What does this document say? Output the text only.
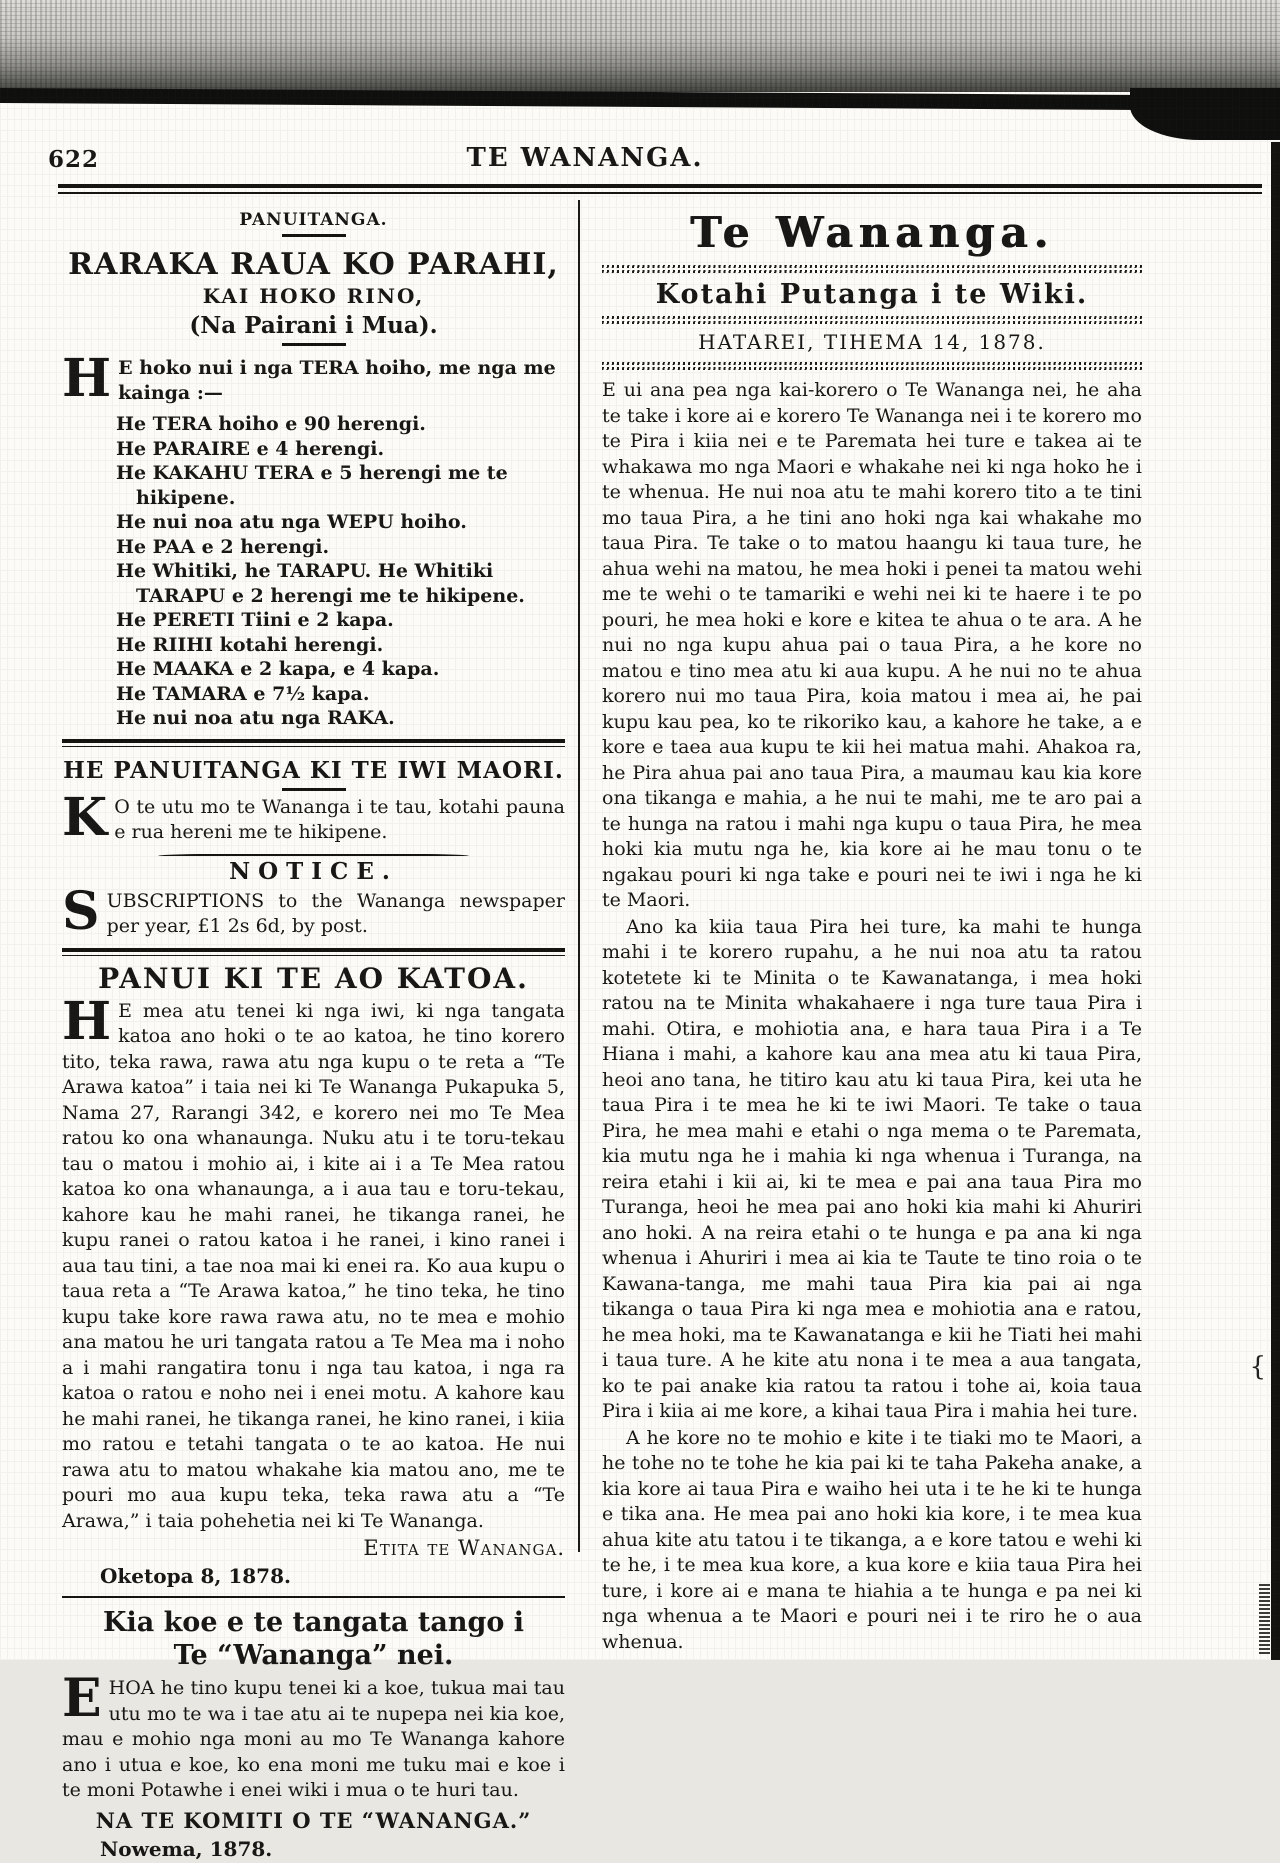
{
622	TE WANANGA.
PANUITANGA.
RARAKA RAUA KO PARAHI,
KAI HOKO RINO,
(Na Pairani i Mua).

H E hoko nui i nga TERA hoiho, me nga me kainga :—

He TERA hoiho e 90 herengi.
He PARAIRE e 4 herengi.
He KAKAHU TERA e 5 herengi me te hikipene.
He nui noa atu nga WEPU hoiho.
He PAA e 2 herengi.
He Whitiki, he TARAPU. He Whitiki TARAPU e 2 herengi me te hikipene.
He PERETI Tiini e 2 kapa.
He RIIHI kotahi herengi.
He MAAKA e 2 kapa, e 4 kapa.
He TAMARA e 7½ kapa.
He nui noa atu nga RAKA.
HE PANUITANGA KI TE IWI MAORI.

K O te utu mo te Wananga i te tau, kotahi pauna e rua hereni me te hikipene.

NOTICE.

SUBSCRIPTIONS to the Wananga newspaper per year, £1 2s 6d, by post.

PANUI KI TE AO KATOA.

H E mea atu tenei ki nga iwi, ki nga tangata katoa ano hoki o te ao katoa, he tino korero tito, teka rawa, rawa atu nga kupu o te reta a “Te Arawa katoa” i taia nei ki Te Wananga Pukapuka 5, Nama 27, Rarangi 342, e korero nei mo Te Mea ratou ko ona whanaunga. Nuku atu i te toru-tekau tau o matou i mohio ai, i kite ai i a Te Mea ratou katoa ko ona whanaunga, a i aua tau e toru-tekau, kahore kau he mahi ranei, he tikanga ranei, he kupu ranei o ratou katoa i he ranei, i kino ranei i aua tau tini, a tae noa mai ki enei ra. Ko aua kupu o taua reta a “Te Arawa katoa,” he tino teka, he tino kupu take kore rawa rawa atu, no te mea e mohio ana matou he uri tangata ratou a Te Mea ma i noho a i mahi rangatira tonu i nga tau katoa, i nga ra katoa o ratou e noho nei i enei motu. A kahore kau he mahi ranei, he tikanga ranei, he kino ranei, i kiia mo ratou e tetahi tangata o te ao katoa. He nui rawa atu to matou whakahe kia matou ano, me te pouri mo aua kupu teka, teka rawa atu a “Te Arawa,” i taia pohehetia nei ki Te Wananga.

Etita te Wananga.
Oketopa 8, 1878.
Kia koe e te tangata tango i
Te “Wananga” nei.

EHOA he tino kupu tenei ki a koe, tukua mai tau utu mo te wa i tae atu ai te nupepa nei kia koe, mau e mohio nga moni au mo Te Wananga kahore ano i utua e koe, ko ena moni me tuku mai e koe i te moni Potawhe i enei wiki i mua o te huri tau.

NA TE KOMITI O TE “WANANGA.”
Nowema, 1878.
Te Wananga.
Kotahi Putanga i te Wiki.
HATAREI, TIHEMA 14, 1878.

E ui ana pea nga kai-korero o Te Wananga nei, he aha te take i kore ai e korero Te Wananga nei i te korero mo te Pira i kiia nei e te Paremata hei ture e takea ai te whakawa mo nga Maori e whakahe nei ki nga hoko he i te whenua. He nui noa atu te mahi korero tito a te tini mo taua Pira, a he tini ano hoki nga kai whakahe mo taua Pira. Te take o to matou haangu ki taua ture, he ahua wehi na matou, he mea hoki i penei ta matou wehi me te wehi o te tamariki e wehi nei ki te haere i te po pouri, he mea hoki e kore e kitea te ahua o te ara. A he nui no nga kupu ahua pai o taua Pira, a he kore no matou e tino mea atu ki aua kupu. A he nui no te ahua korero nui mo taua Pira, koia matou i mea ai, he pai kupu kau pea, ko te rikoriko kau, a kahore he take, a e kore e taea aua kupu te kii hei matua mahi. Ahakoa ra, he Pira ahua pai ano taua Pira, a maumau kau kia kore ona tikanga e mahia, a he nui te mahi, me te aro pai a te hunga na ratou i mahi nga kupu o taua Pira, he mea hoki kia mutu nga he, kia kore ai he mau tonu o te ngakau pouri ki nga take e pouri nei te iwi i nga he ki te Maori.

Ano ka kiia taua Pira hei ture, ka mahi te hunga mahi i te korero rupahu, a he nui noa atu ta ratou kotetete ki te Minita o te Kawanatanga, i mea hoki ratou na te Minita whakahaere i nga ture taua Pira i mahi. Otira, e mohiotia ana, e hara taua Pira i a Te Hiana i mahi, a kahore kau ana mea atu ki taua Pira, heoi ano tana, he titiro kau atu ki taua Pira, kei uta he taua Pira i te mea he ki te iwi Maori. Te take o taua Pira, he mea mahi e etahi o nga mema o te Paremata, kia mutu nga he i mahia ki nga whenua i Turanga, na reira etahi i kii ai, ki te mea e pai ana taua Pira mo Turanga, heoi he mea pai ano hoki kia mahi ki Ahuriri ano hoki. A na reira etahi o te hunga e pa ana ki nga whenua i Ahuriri i mea ai kia te Taute te tino roia o te Kawana-tanga, me mahi taua Pira kia pai ai nga tikanga o taua Pira ki nga mea e mohiotia ana e ratou, he mea hoki, ma te Kawanatanga e kii he Tiati hei mahi i taua ture. A he kite atu nona i te mea a aua tangata, ko te pai anake kia ratou ta ratou i tohe ai, koia taua Pira i kiia ai me kore, a kihai taua Pira i mahia hei ture.

A he kore no te mohio e kite i te tiaki mo te Maori, a he tohe no te tohe he kia pai ki te taha Pakeha anake, a kia kore ai taua Pira e waiho hei uta i te he ki te hunga e tika ana. He mea pai ano hoki kia kore, i te mea kua ahua kite atu tatou i te tikanga, a e kore tatou e wehi ki te he, i te mea kua kore, a kua kore e kiia taua Pira hei ture, i kore ai e mana te hiahia a te hunga e pa nei ki nga whenua a te Maori e pouri nei i te riro he o aua whenua.
